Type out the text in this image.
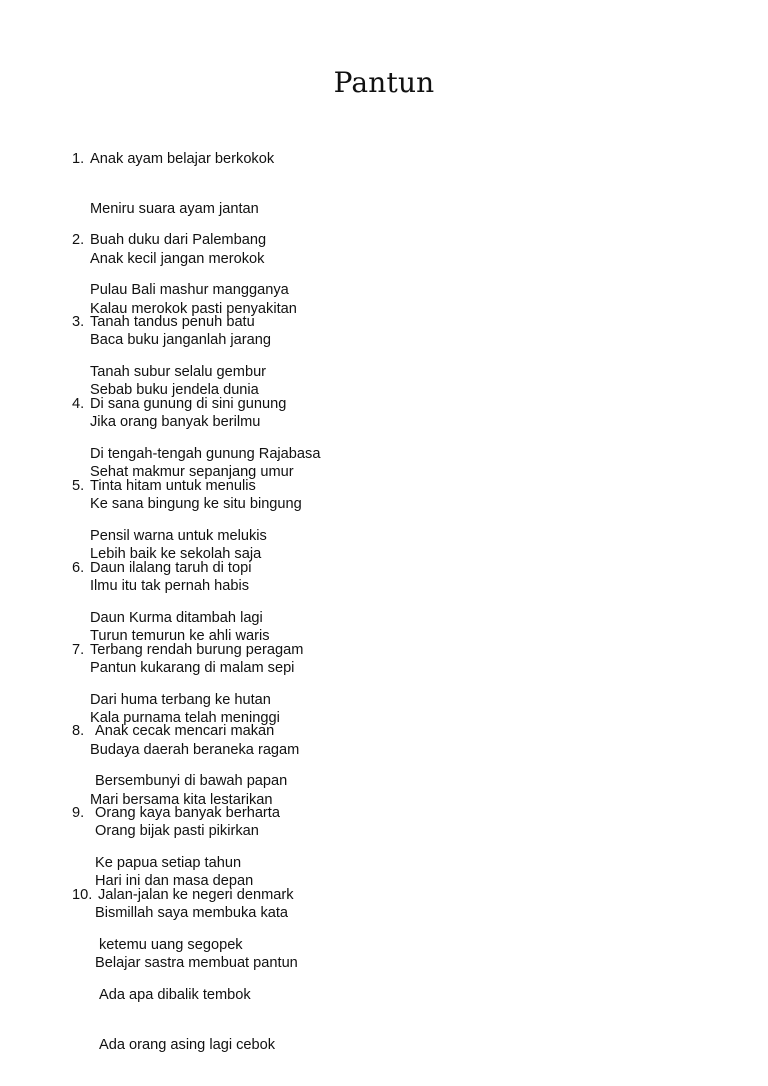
Pantun

1. Anak ayam belajar berkokok

Meniru suara ayam jantan

Anak kecil jangan merokok

Kalau merokok pasti penyakitan

2. Buah duku dari Palembang

Pulau Bali mashur mangganya

Baca buku janganlah jarang

Sebab buku jendela dunia

3. Tanah tandus penuh batu

Tanah subur selalu gembur

Jika orang banyak berilmu

Sehat makmur sepanjang umur

4. Di sana gunung di sini gunung

Di tengah-tengah gunung Rajabasa

Ke sana bingung ke situ bingung

Lebih baik ke sekolah saja

5. Tinta hitam untuk menulis

Pensil warna untuk melukis

Ilmu itu tak pernah habis

Turun temurun ke ahli waris

6. Daun ilalang taruh di topi

Daun Kurma ditambah lagi

Pantun kukarang di malam sepi

Kala purnama telah meninggi

7. Terbang rendah burung peragam

Dari huma terbang ke hutan

Budaya daerah beraneka ragam

Mari bersama kita lestarikan

8. Anak cecak mencari makan

Bersembunyi di bawah papan

Orang bijak pasti pikirkan

Hari ini dan masa depan

9. Orang kaya banyak berharta

Ke papua setiap tahun

Bismillah saya membuka kata

Belajar sastra membuat pantun

10. Jalan-jalan ke negeri denmark

ketemu uang segopek

Ada apa dibalik tembok

Ada orang asing lagi cebok
